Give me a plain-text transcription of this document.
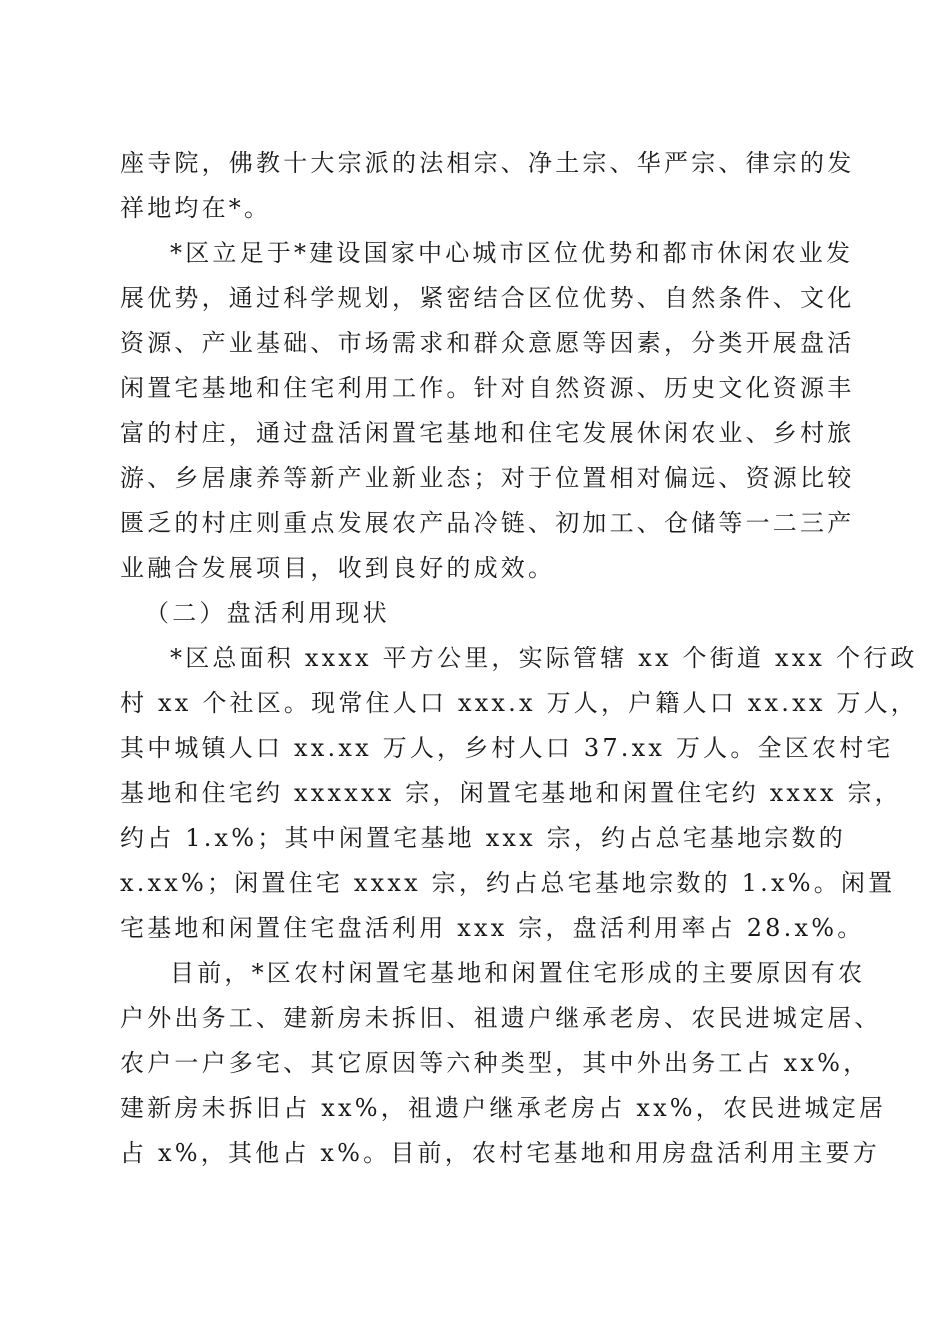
座寺院，佛教十大宗派的法相宗、净土宗、华严宗、律宗的发
祥地均在*。
*区立足于*建设国家中心城市区位优势和都市休闲农业发
展优势，通过科学规划，紧密结合区位优势、自然条件、文化
资源、产业基础、市场需求和群众意愿等因素，分类开展盘活
闲置宅基地和住宅利用工作。针对自然资源、历史文化资源丰
富的村庄，通过盘活闲置宅基地和住宅发展休闲农业、乡村旅
游、乡居康养等新产业新业态；对于位置相对偏远、资源比较
匮乏的村庄则重点发展农产品冷链、初加工、仓储等一二三产
业融合发展项目，收到良好的成效。
（二）盘活利用现状
*区总面积 xxxx 平方公里，实际管辖 xx 个街道 xxx 个行政
村 xx 个社区。现常住人口 xxx.x 万人，户籍人口 xx.xx 万人，
其中城镇人口 xx.xx 万人，乡村人口 37.xx 万人。全区农村宅
基地和住宅约 xxxxxx 宗，闲置宅基地和闲置住宅约 xxxx 宗，
约占 1.x%；其中闲置宅基地 xxx 宗，约占总宅基地宗数的
x.xx%；闲置住宅 xxxx 宗，约占总宅基地宗数的 1.x%。闲置
宅基地和闲置住宅盘活利用 xxx 宗，盘活利用率占 28.x%。
目前，*区农村闲置宅基地和闲置住宅形成的主要原因有农
户外出务工、建新房未拆旧、祖遗户继承老房、农民进城定居、
农户一户多宅、其它原因等六种类型，其中外出务工占 xx%，
建新房未拆旧占 xx%，祖遗户继承老房占 xx%，农民进城定居
占 x%，其他占 x%。目前，农村宅基地和用房盘活利用主要方
